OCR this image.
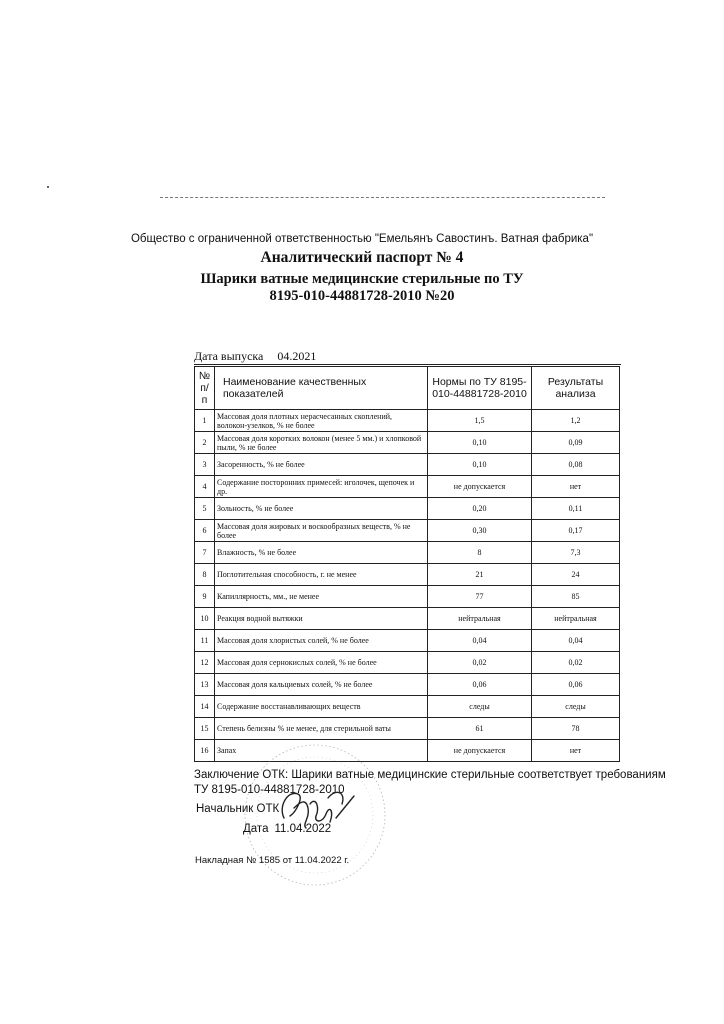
Общество с ограниченной ответственностью "Емельянъ Савостинъ. Ватная фабрика"
Аналитический паспорт № 4
Шарики ватные медицинские стерильные по ТУ
8195-010-44881728-2010 №20
Дата выпуска 04.2021
№ п/п	Наименование качественных показателей	Нормы по ТУ 8195-010-44881728-2010	Результаты анализа
1	Массовая доля плотных нерасчесанных скоплений, волокон-узелков, % не более	1,5	1,2
2	Массовая доля коротких волокон (менее 5 мм.) и хлопковой пыли, % не более	0,10	0,09
3	Засоренность, % не более	0,10	0,08
4	Содержание посторонних примесей: иголочек, щепочек и др.	не допускается	нет
5	Зольность, % не более	0,20	0,11
6	Массовая доля жировых и воскообразных веществ, % не более	0,30	0,17
7	Влажность, % не более	8	7,3
8	Поглотительная способность, г. не менее	21	24
9	Капиллярность, мм., не менее	77	85
10	Реакция водной вытяжки	нейтральная	нейтральная
11	Массовая доля хлористых солей, % не более	0,04	0,04
12	Массовая доля сернокислых солей, % не более	0,02	0,02
13	Массовая доля кальциевых солей, % не более	0,06	0,06
14	Содержание восстанавливающих веществ	следы	следы
15	Степень белизны % не менее, для стерильной ваты	61	78
16	Запах	не допускается	нет
Заключение ОТК: Шарики ватные медицинские стерильные соответствует требованиям
ТУ 8195-010-44881728-2010
Начальник ОТК
Дата 11.04.2022
Накладная № 1585 от 11.04.2022 г.
